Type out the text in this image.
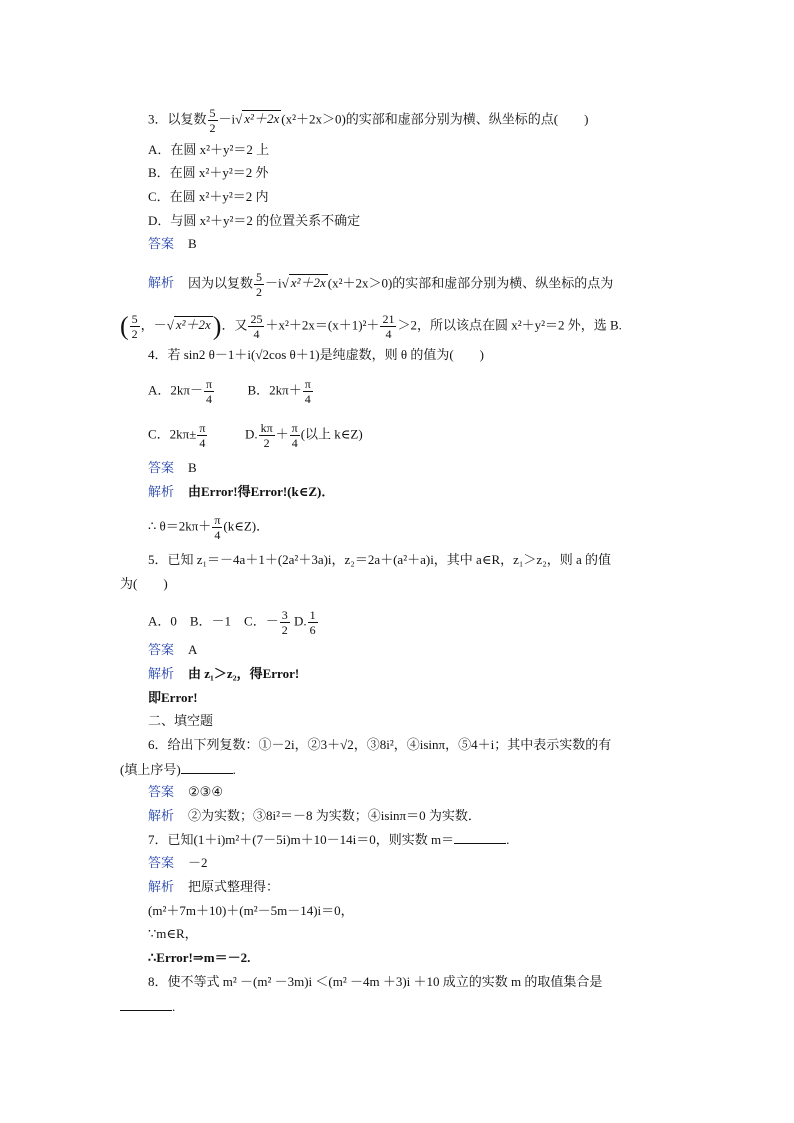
3．以复数 $\frac{5}{2} -i√$ x²＋2x (x²＋2x＞0)的实部和虚部分别为横、纵坐标的点(　　)
A．在圆 x²＋y²＝2 上
B．在圆 x²＋y²＝2 外
C．在圆 x²＋y²＝2 内
D．与圆 x²＋y²＝2 的位置关系不确定
答案 B
解析 因为以复数 $\frac{5}{2} -i√$ x²＋2x (x²＋2x＞0)的实部和虚部分别为横、纵坐标的点为
( $\frac{5}{2}$ ，－√ x²＋2x)．又 $\frac{25}{4} +x^2+2x=(x+1)^2+ \frac{21}{4} >2$，所以该点在圆 x²＋y²＝2 外，选 B.
4．若 sin2 θ－1＋i(√2cos θ＋1)是纯虚数，则 θ 的值为(　　)
A．$2k\pi- \frac{\pi}{4}$	B．$2k\pi+ \frac{\pi}{4}$
C．$2k\pi\pm \frac{\pi}{4}$	D. $\frac{k\pi}{2} + \frac{\pi}{4}$ (以上 k∈Z)
答案 B
解析 由Error!得Error!(k∈Z)．
∴ $\theta=2k\pi+ \frac{\pi}{4}$ (k∈Z)．
5．已知 z₁＝－4a＋1＋(2a²＋3a)i，z₂＝2a＋(a²＋a)i，其中 a∈R，z₁＞z₂，则 a 的值
为(　　)
A．0　B．－1　C．－ $\frac{3}{2} D$. $\frac{1}{6}$
答案 A
解析 由 z₁＞z₂，得Error!
即Error!
二、填空题
6．给出下列复数：①－2i，②3＋√2，③8i²，④isinπ，⑤4＋i；其中表示实数的有
(填上序号)	.
答案 ②③④
解析 ②为实数；③8i²＝－8 为实数；④isinπ＝0 为实数．
7．已知(1＋i)m²＋(7－5i)m＋10－14i＝0，则实数 m＝	.
答案 －2
解析 把原式整理得：
(m²＋7m＋10)＋(m²－5m－14)i＝0，
∵m∈R，
∴Error!⇒m＝－2.
8．使不等式 m² －(m² －3m)i ＜(m² －4m ＋3)i ＋10 成立的实数 m 的取值集合是
.
